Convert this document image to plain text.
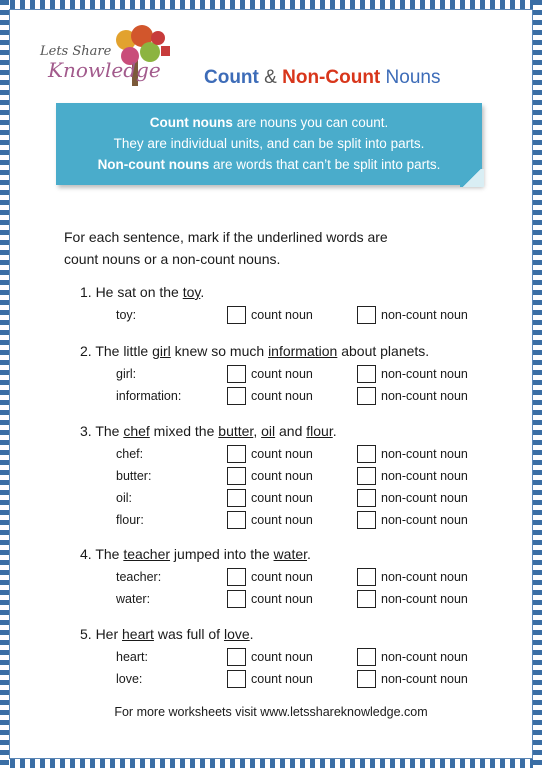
Lets Share
Knowledge Count & Non-Count Nouns
Count nouns are nouns you can count.
They are individual units, and can be split into parts.
Non-count nouns are words that can’t be split into parts.
For each sentence, mark if the underlined words are
count nouns or a non-count nouns.
1. He sat on the toy.
toy:	count noun	non-count noun
2. The little girl knew so much information about planets.
girl:	count noun	non-count noun
information:	count noun	non-count noun
3. The chef mixed the butter, oil and flour.
chef:	count noun	non-count noun
butter:	count noun	non-count noun
oil:	count noun	non-count noun
flour:	count noun	non-count noun
4. The teacher jumped into the water.
teacher:	count noun	non-count noun
water:	count noun	non-count noun
5. Her heart was full of love.
heart:	count noun	non-count noun
love:	count noun	non-count noun
For more worksheets visit www.letsshareknowledge.com
